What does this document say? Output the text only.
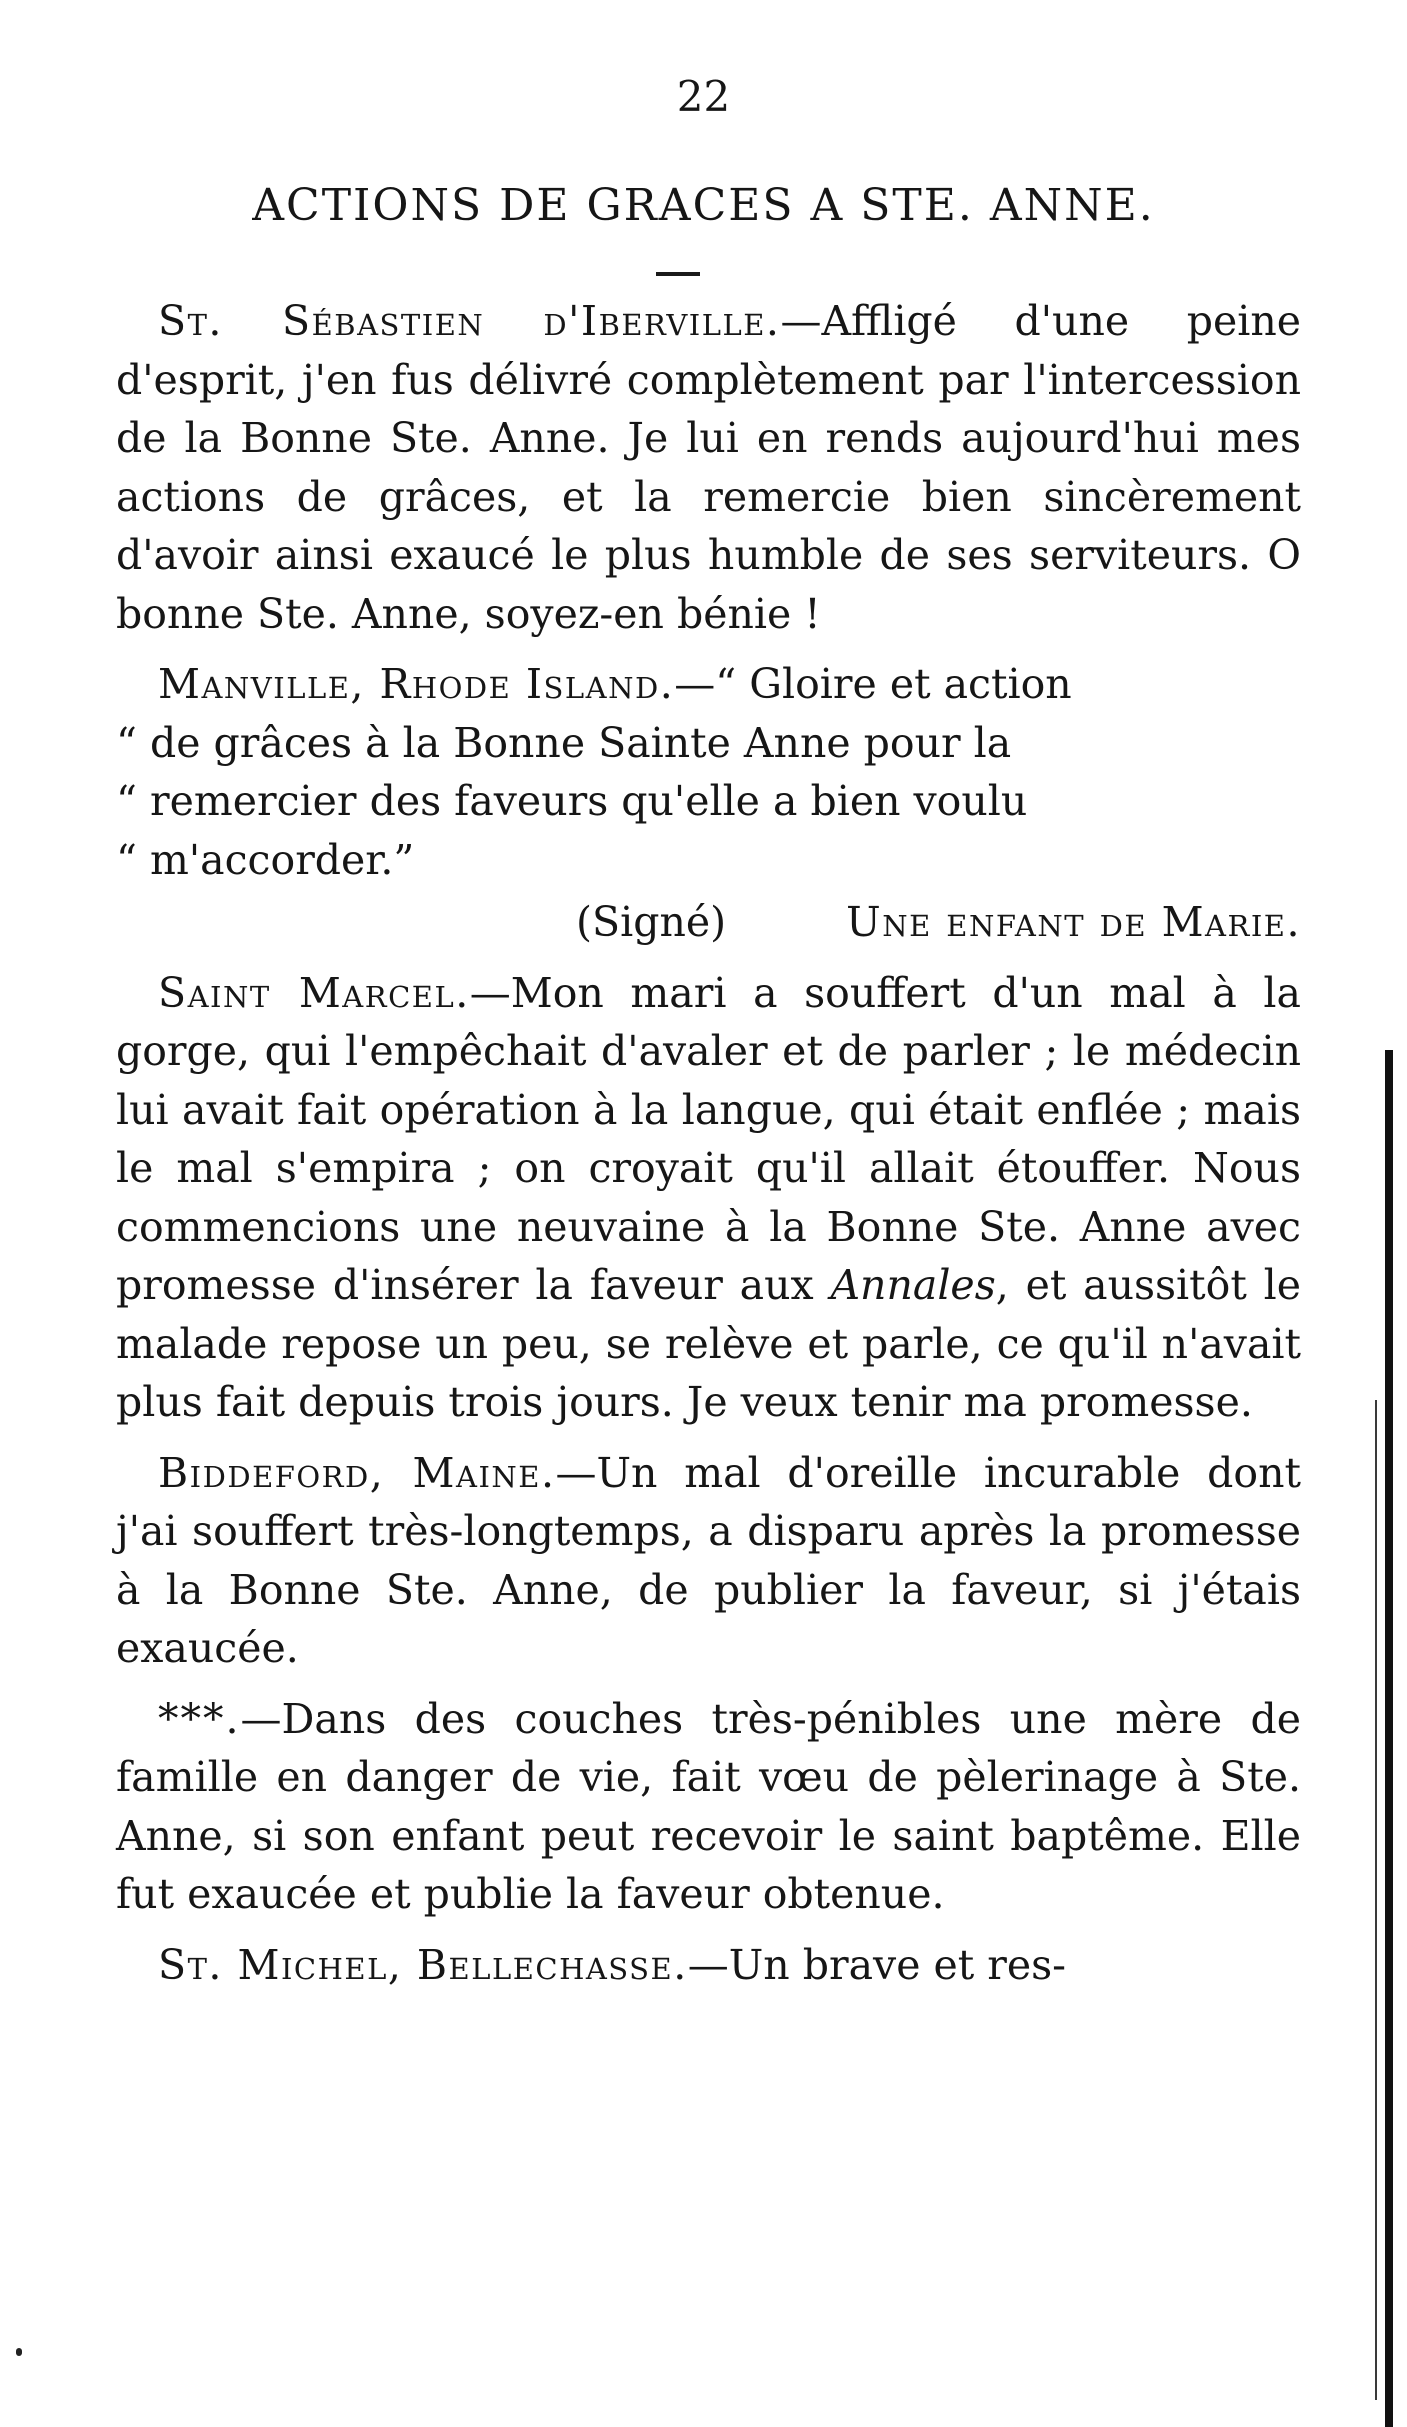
22
ACTIONS DE GRACES A STE. ANNE.

St. Sébastien d'Iberville.—Affligé d'une peine d'esprit, j'en fus délivré complètement par l'intercession de la Bonne Ste. Anne. Je lui en rends aujourd'hui mes actions de grâces, et la remercie bien sincèrement d'avoir ainsi exaucé le plus humble de ses serviteurs. O bonne Ste. Anne, soyez-en bénie !

Manville, Rhode Island.—“ Gloire et action
“ de grâces à la Bonne Sainte Anne pour la
“ remercier des faveurs qu'elle a bien voulu
“ m'accorder.”
(Signé)	Une enfant de Marie.

Saint Marcel.—Mon mari a souffert d'un mal à la gorge, qui l'empêchait d'avaler et de parler ; le médecin lui avait fait opération à la langue, qui était enflée ; mais le mal s'empira ; on croyait qu'il allait étouffer. Nous commencions une neuvaine à la Bonne Ste. Anne avec promesse d'insérer la faveur aux Annales, et aussitôt le malade repose un peu, se relève et parle, ce qu'il n'avait plus fait depuis trois jours. Je veux tenir ma promesse.

Biddeford, Maine.—Un mal d'oreille incurable dont j'ai souffert très-longtemps, a disparu après la promesse à la Bonne Ste. Anne, de publier la faveur, si j'étais exaucée.

***.—Dans des couches très-pénibles une mère de famille en danger de vie, fait vœu de pèlerinage à Ste. Anne, si son enfant peut recevoir le saint baptême. Elle fut exaucée et publie la faveur obtenue.

St. Michel, Bellechasse.—Un brave et res-
